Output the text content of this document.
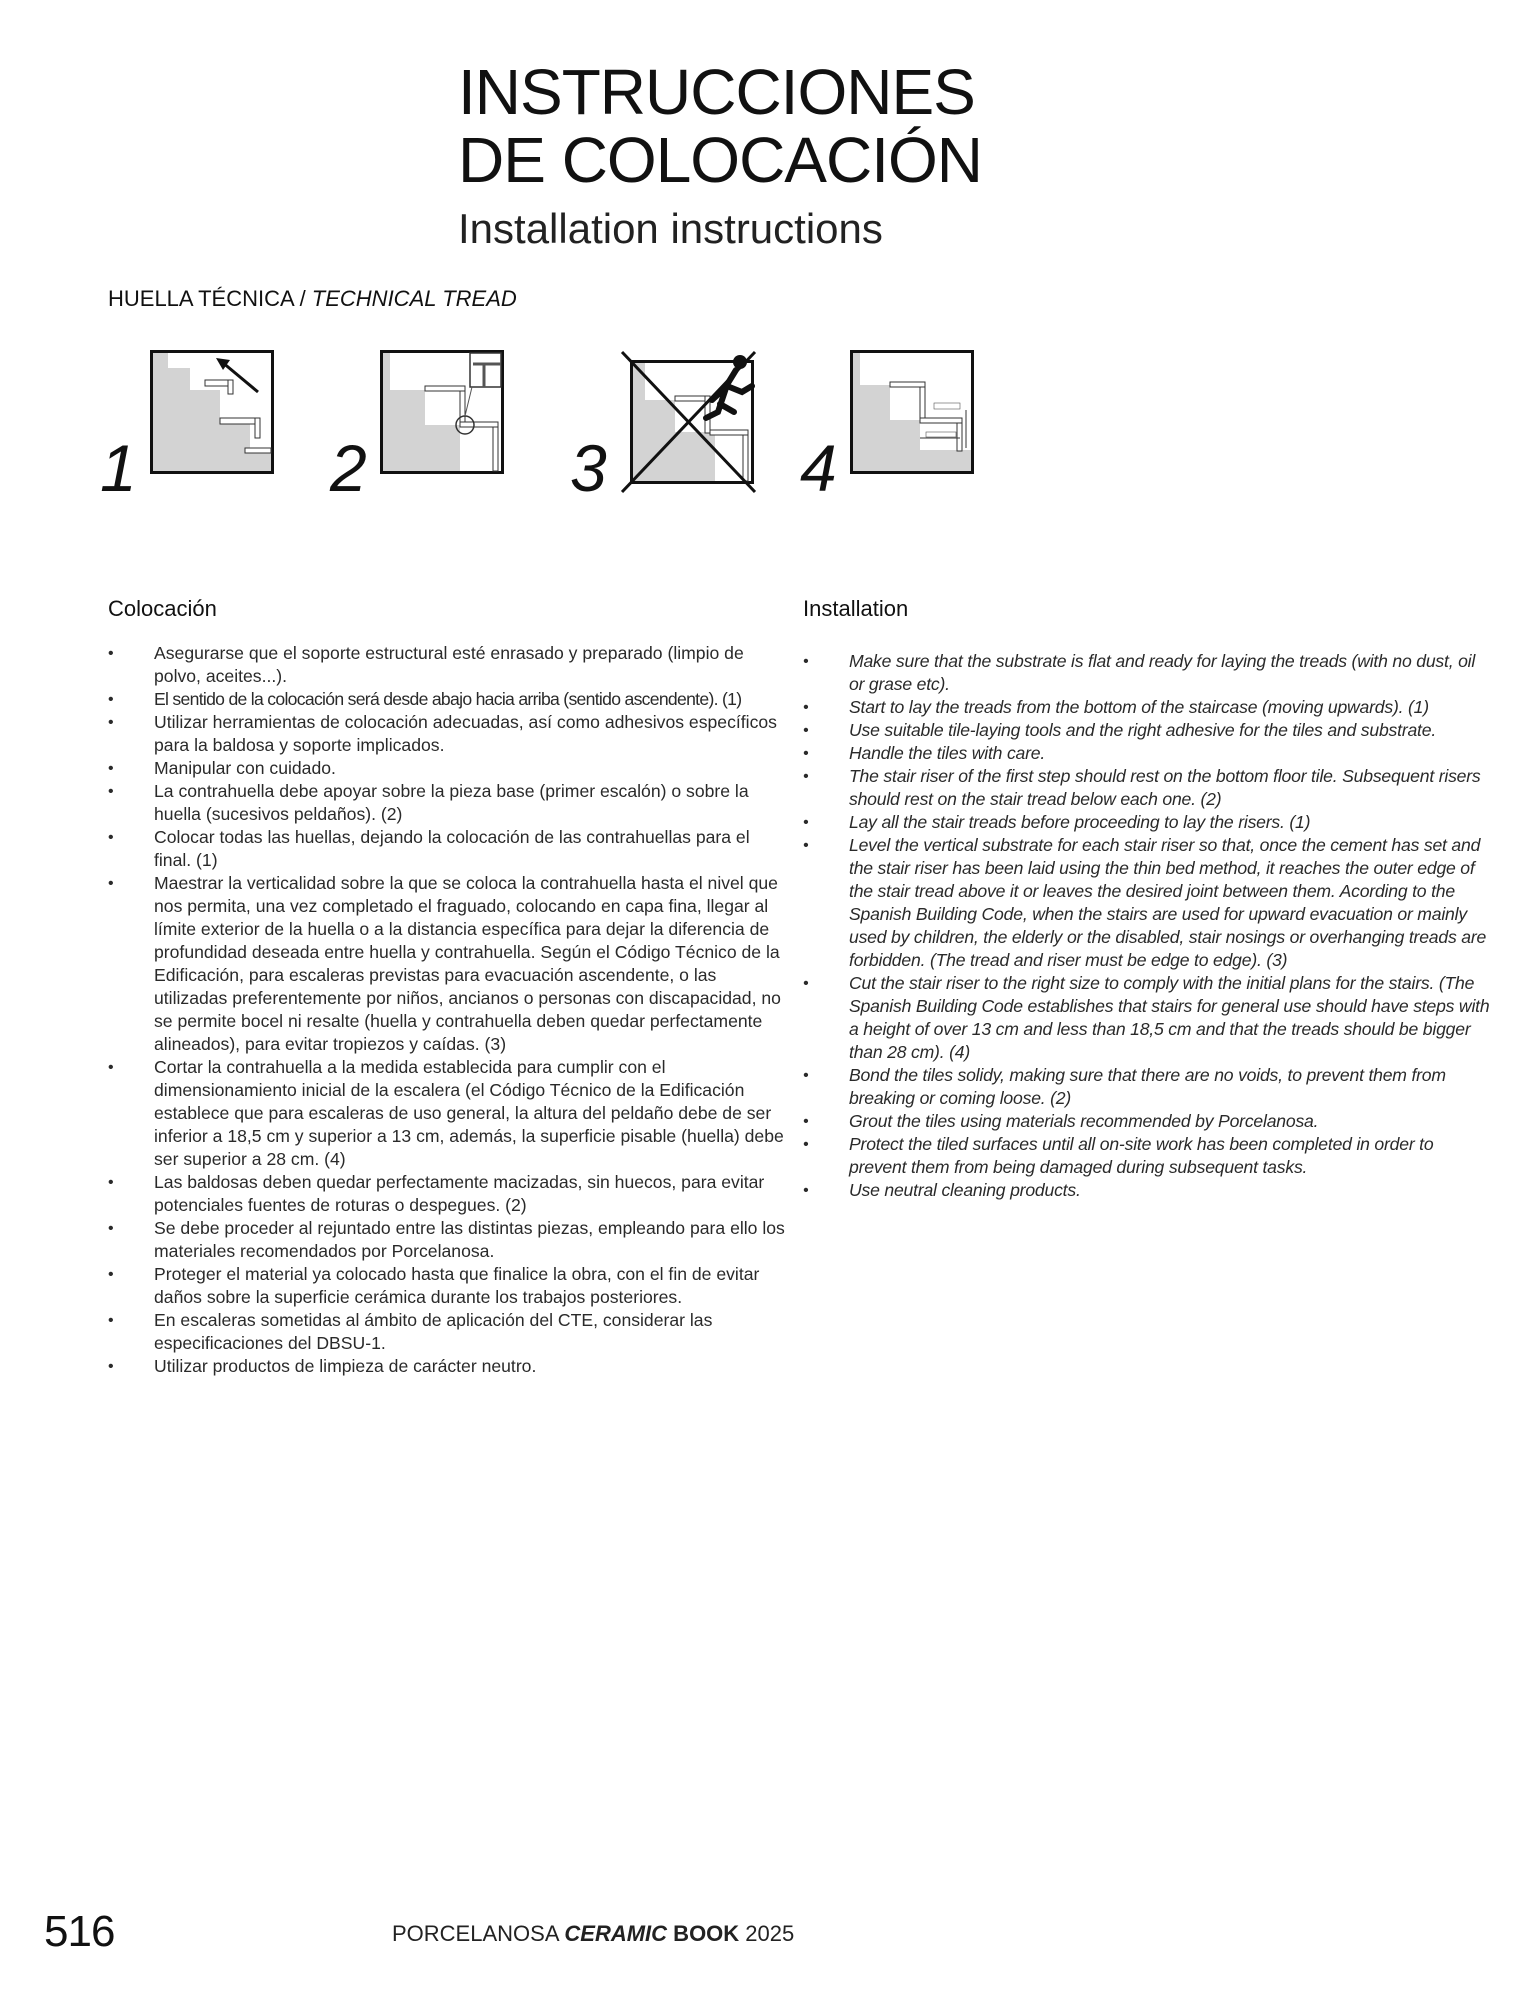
INSTRUCCIONES
DE COLOCACIÓN
Installation instructions
HUELLA TÉCNICA / TECHNICAL TREAD
1	2	3	4
Colocación
• Asegurarse que el soporte estructural esté enrasado y preparado (limpio de polvo, aceites...).
• El sentido de la colocación será desde abajo hacia arriba (sentido ascendente). (1)
• Utilizar herramientas de colocación adecuadas, así como adhesivos específicos para la baldosa y soporte implicados.
• Manipular con cuidado.
• La contrahuella debe apoyar sobre la pieza base (primer escalón) o sobre la huella (sucesivos peldaños). (2)
• Colocar todas las huellas, dejando la colocación de las contrahuellas para el final. (1)
• Maestrar la verticalidad sobre la que se coloca la contrahuella hasta el nivel que nos permita, una vez completado el fraguado, colocando en capa fina, llegar al límite exterior de la huella o a la distancia específica para dejar la diferencia de profundidad deseada entre huella y contrahuella. Según el Código Técnico de la Edificación, para escaleras previstas para evacuación ascendente, o las utilizadas preferentemente por niños, ancianos o personas con discapacidad, no se permite bocel ni resalte (huella y contrahuella deben quedar perfectamente alineados), para evitar tropiezos y caídas. (3)
• Cortar la contrahuella a la medida establecida para cumplir con el dimensionamiento inicial de la escalera (el Código Técnico de la Edificación establece que para escaleras de uso general, la altura del peldaño debe de ser inferior a 18,5 cm y superior a 13 cm, además, la superficie pisable (huella) debe ser superior a 28 cm. (4)
• Las baldosas deben quedar perfectamente macizadas, sin huecos, para evitar potenciales fuentes de roturas o despegues. (2)
• Se debe proceder al rejuntado entre las distintas piezas, empleando para ello los materiales recomendados por Porcelanosa.
• Proteger el material ya colocado hasta que finalice la obra, con el fin de evitar daños sobre la superficie cerámica durante los trabajos posteriores.
• En escaleras sometidas al ámbito de aplicación del CTE, considerar las especificaciones del DBSU-1.
• Utilizar productos de limpieza de carácter neutro.
Installation
• Make sure that the substrate is flat and ready for laying the treads (with no dust, oil or grase etc).
• Start to lay the treads from the bottom of the staircase (moving upwards). (1)
• Use suitable tile-laying tools and the right adhesive for the tiles and substrate.
• Handle the tiles with care.
• The stair riser of the first step should rest on the bottom floor tile. Subsequent risers should rest on the stair tread below each one. (2)
• Lay all the stair treads before proceeding to lay the risers. (1)
• Level the vertical substrate for each stair riser so that, once the cement has set and the stair riser has been laid using the thin bed method, it reaches the outer edge of the stair tread above it or leaves the desired joint between them. Acording to the Spanish Building Code, when the stairs are used for upward evacuation or mainly used by children, the elderly or the disabled, stair nosings or overhanging treads are forbidden. (The tread and riser must be edge to edge). (3)
• Cut the stair riser to the right size to comply with the initial plans for the stairs. (The Spanish Building Code establishes that stairs for general use should have steps with a height of over 13 cm and less than 18,5 cm and that the treads should be bigger than 28 cm). (4)
• Bond the tiles solidy, making sure that there are no voids, to prevent them from breaking or coming loose. (2)
• Grout the tiles using materials recommended by Porcelanosa.
• Protect the tiled surfaces until all on-site work has been completed in order to prevent them from being damaged during subsequent tasks.
• Use neutral cleaning products.
516	PORCELANOSA CERAMIC BOOK 2025
